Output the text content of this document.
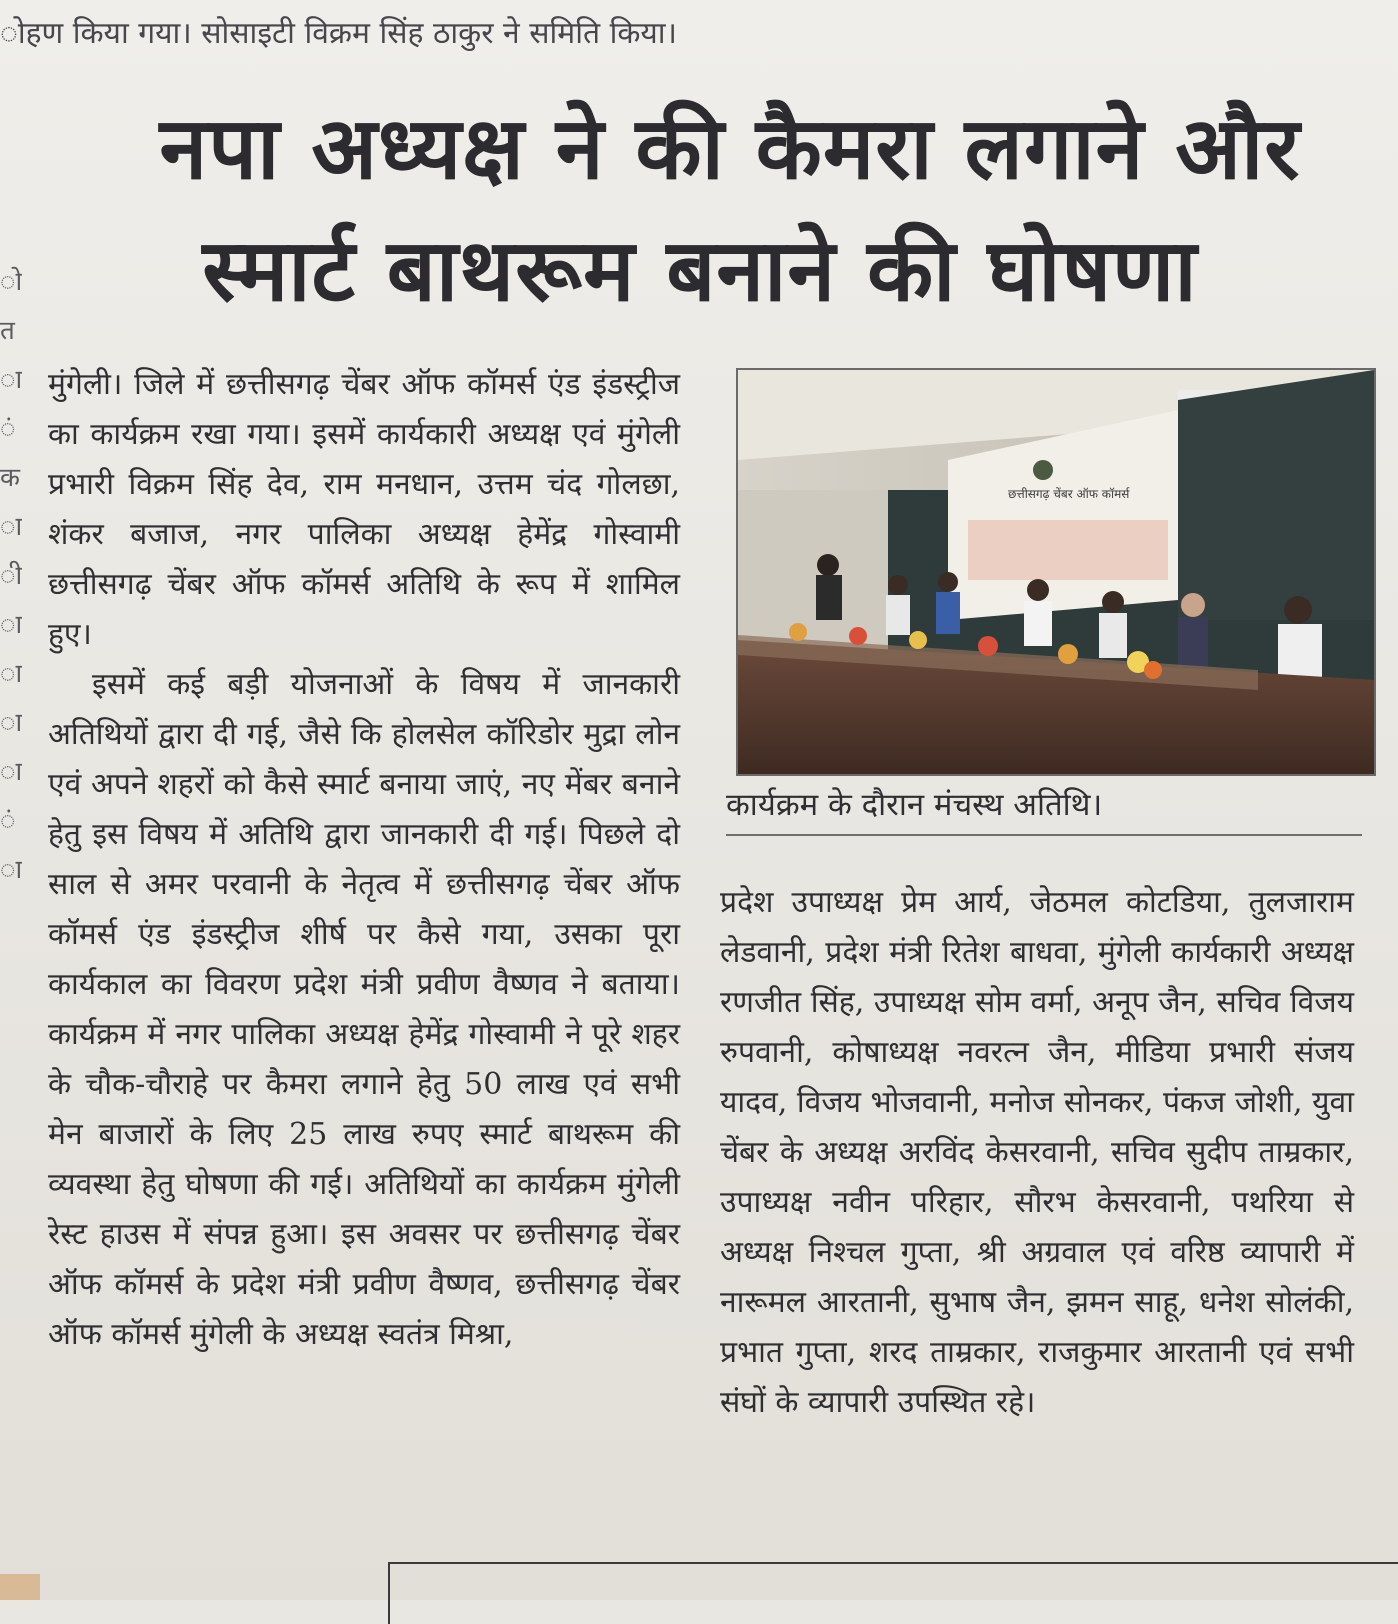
ोहण किया गया। सोसाइटी विक्रम सिंह ठाकुर ने समिति किया।
ो
त
ा
ं
क
ा
ी
ा
ा
ा
ा
ं
ा
नपा अध्यक्ष ने की कैमरा लगाने और
स्मार्ट बाथरूम बनाने की घोषणा

मुंगेली। जिले में छत्तीसगढ़ चेंबर ऑफ कॉमर्स एंड इंडस्ट्रीज का कार्यक्रम रखा गया। इसमें कार्यकारी अध्यक्ष एवं मुंगेली प्रभारी विक्रम सिंह देव, राम मनधान, उत्तम चंद गोलछा, शंकर बजाज, नगर पालिका अध्यक्ष हेमेंद्र गोस्वामी छत्तीसगढ़ चेंबर ऑफ कॉमर्स अतिथि के रूप में शामिल हुए।

इसमें कई बड़ी योजनाओं के विषय में जानकारी अतिथियों द्वारा दी गई, जैसे कि होलसेल कॉरिडोर मुद्रा लोन एवं अपने शहरों को कैसे स्मार्ट बनाया जाएं, नए मेंबर बनाने हेतु इस विषय में अतिथि द्वारा जानकारी दी गई। पिछले दो साल से अमर परवानी के नेतृत्व में छत्तीसगढ़ चेंबर ऑफ कॉमर्स एंड इंडस्ट्रीज शीर्ष पर कैसे गया, उसका पूरा कार्यकाल का विवरण प्रदेश मंत्री प्रवीण वैष्णव ने बताया। कार्यक्रम में नगर पालिका अध्यक्ष हेमेंद्र गोस्वामी ने पूरे शहर के चौक-चौराहे पर कैमरा लगाने हेतु 50 लाख एवं सभी मेन बाजारों के लिए 25 लाख रुपए स्मार्ट बाथरूम की व्यवस्था हेतु घोषणा की गई। अतिथियों का कार्यक्रम मुंगेली रेस्ट हाउस में संपन्न हुआ। इस अवसर पर छत्तीसगढ़ चेंबर ऑफ कॉमर्स के प्रदेश मंत्री प्रवीण वैष्णव, छत्तीसगढ़ चेंबर ऑफ कॉमर्स मुंगेली के अध्यक्ष स्वतंत्र मिश्रा,

छत्तीसगढ़ चेंबर ऑफ कॉमर्स
कार्यक्रम के दौरान मंचस्थ अतिथि।

प्रदेश उपाध्यक्ष प्रेम आर्य, जेठमल कोटडिया, तुलजाराम लेडवानी, प्रदेश मंत्री रितेश बाधवा, मुंगेली कार्यकारी अध्यक्ष रणजीत सिंह, उपाध्यक्ष सोम वर्मा, अनूप जैन, सचिव विजय रुपवानी, कोषाध्यक्ष नवरत्न जैन, मीडिया प्रभारी संजय यादव, विजय भोजवानी, मनोज सोनकर, पंकज जोशी, युवा चेंबर के अध्यक्ष अरविंद केसरवानी, सचिव सुदीप ताम्रकार, उपाध्यक्ष नवीन परिहार, सौरभ केसरवानी, पथरिया से अध्यक्ष निश्चल गुप्ता, श्री अग्रवाल एवं वरिष्ठ व्यापारी में नारूमल आरतानी, सुभाष जैन, झमन साहू, धनेश सोलंकी, प्रभात गुप्ता, शरद ताम्रकार, राजकुमार आरतानी एवं सभी संघों के व्यापारी उपस्थित रहे।
